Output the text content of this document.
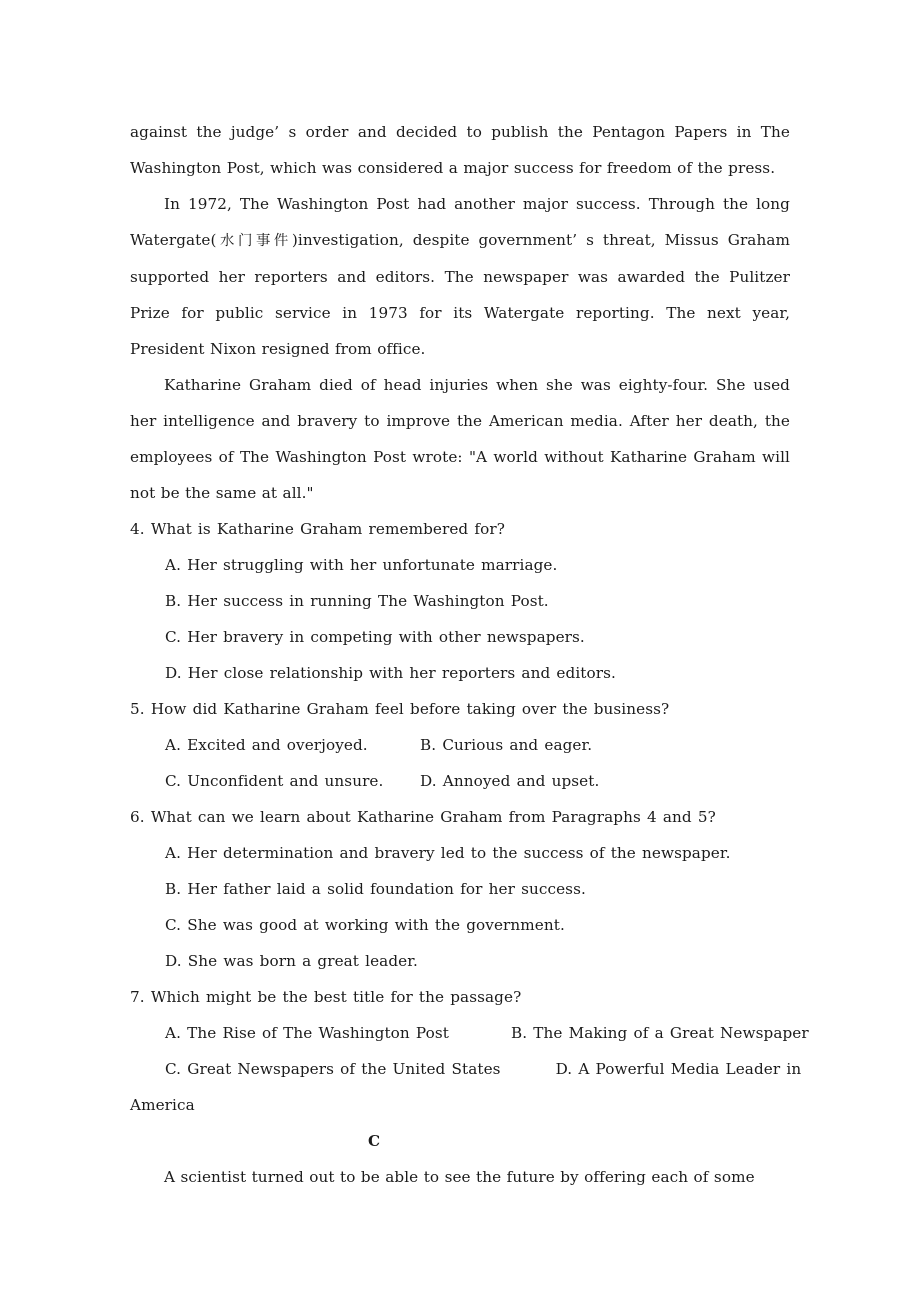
against the judge’ s order and decided to publish the Pentagon Papers in The Washington Post, which was considered a major success for freedom of the press.

In 1972, The Washington Post had another major success. Through the long Watergate(水门事件)investigation, despite government’ s threat, Missus Graham supported her reporters and editors. The newspaper was awarded the Pulitzer Prize for public service in 1973 for its Watergate reporting. The next year, President Nixon resigned from office.

Katharine Graham died of head injuries when she was eighty-four. She used her intelligence and bravery to improve the American media. After her death, the employees of The Washington Post wrote: "A world without Katharine Graham will not be the same at all."

4. What is Katharine Graham remembered for?

A. Her struggling with her unfortunate marriage.

B. Her success in running The Washington Post.

C. Her bravery in competing with other newspapers.

D. Her close relationship with her reporters and editors.

5. How did Katharine Graham feel before taking over the business?

A. Excited and overjoyed.	B. Curious and eager.
C. Unconfident and unsure. D. Annoyed and upset.

6. What can we learn about Katharine Graham from Paragraphs 4 and 5?

A. Her determination and bravery led to the success of the newspaper.

B. Her father laid a solid foundation for her success.

C. She was good at working with the government.

D. She was born a great leader.

7. Which might be the best title for the passage?

A. The Rise of The Washington Post	B. The Making of a Great Newspaper
C. Great Newspapers of the United States	D. A Powerful Media Leader in

America

C

A scientist turned out to be able to see the future by offering each of some
